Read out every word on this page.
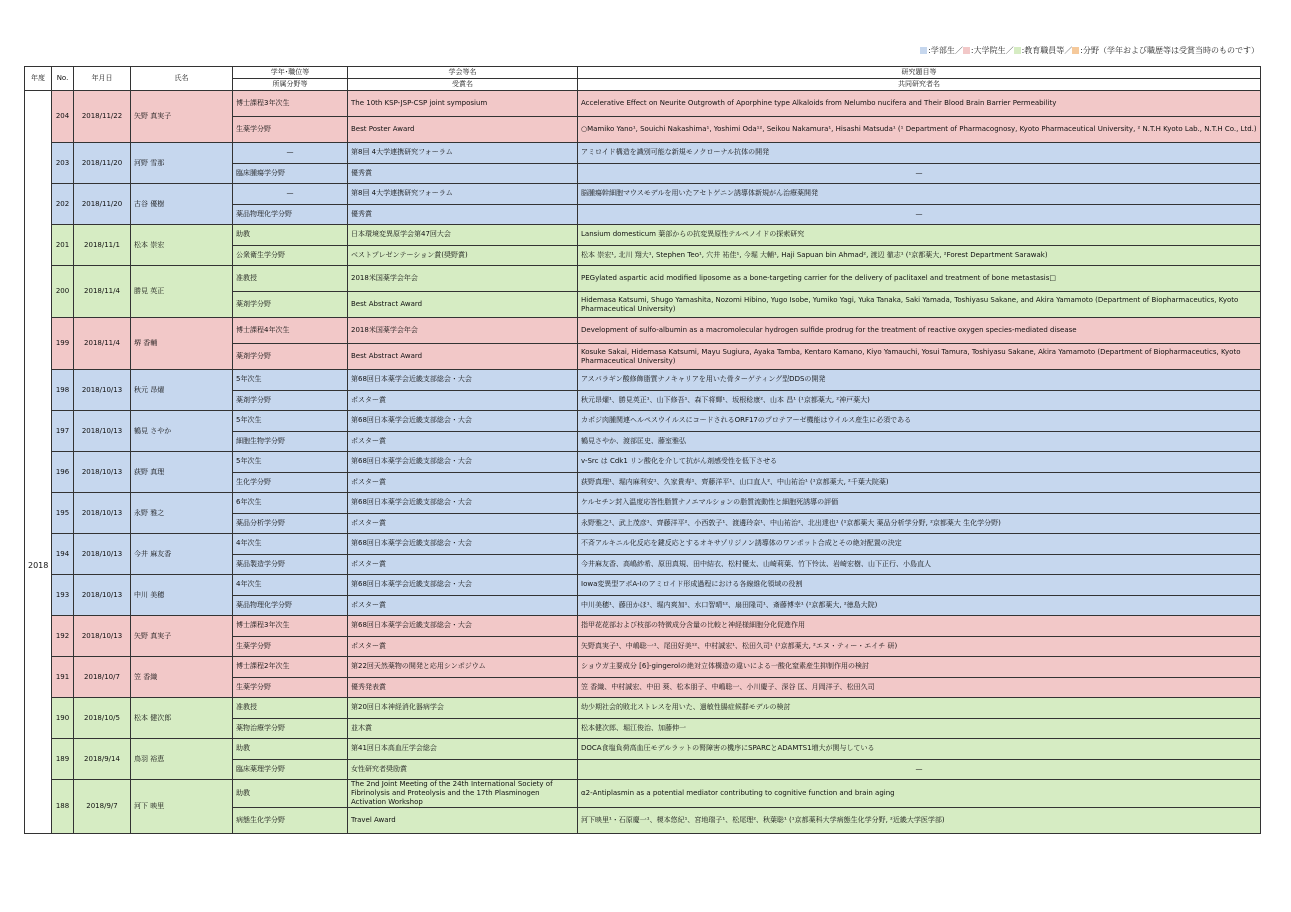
:学部生／ :大学院生／ :教育職員等／ :分野（学年および職歴等は受賞当時のものです）
年度	No.	年月日	氏名	学年･職位等	学会等名	研究題目等
				所属分野等	受賞名	共同研究者名
2018	204	2018/11/22	矢野 真実子	博士課程3年次生	The 10th KSP-JSP-CSP joint symposium	Accelerative Effect on Neurite Outgrowth of Aporphine type Alkaloids from Nelumbo nucifera and Their Blood Brain Barrier Permeability
				生薬学分野	Best Poster Award	○Mamiko Yano¹, Souichi Nakashima¹, Yoshimi Oda¹², Seikou Nakamura¹, Hisashi Matsuda¹ (¹ Department of Pharmacognosy, Kyoto Pharmaceutical University, ² N.T.H Kyoto Lab., N.T.H Co., Ltd.)
	203	2018/11/20	河野 雪那	—	第8回 4大学連携研究フォーラム	アミロイド構造を識別可能な新規モノクローナル抗体の開発
				臨床腫瘍学分野	優秀賞	—
	202	2018/11/20	古谷 優樹	—	第8回 4大学連携研究フォーラム	脳腫瘍幹細胞マウスモデルを用いたアセトゲニン誘導体新規がん治療薬開発
				薬品物理化学分野	優秀賞	—
	201	2018/11/1	松本 崇宏	助教	日本環境変異原学会第47回大会	Lansium domesticum 葉部からの抗変異原性テルペノイドの探索研究
				公衆衛生学分野	ベストプレゼンテーション賞(奨野賞)	松本 崇宏¹, 北川 翔大¹, Stephen Teo¹, 穴井 祐佳¹, 今堀 大輔¹, Haji Sapuan bin Ahmad², 渡辺 徹志¹ (¹京都薬大, ²Forest Department Sarawak)
	200	2018/11/4	勝見 英正	准教授	2018米国薬学会年会	PEGylated aspartic acid modified liposome as a bone-targeting carrier for the delivery of paclitaxel and treatment of bone metastasis□
				薬剤学分野	Best Abstract Award	Hidemasa Katsumi, Shugo Yamashita, Nozomi Hibino, Yugo Isobe, Yumiko Yagi, Yuka Tanaka, Saki Yamada, Toshiyasu Sakane, and Akira Yamamoto (Department of Biopharmaceutics, Kyoto Pharmaceutical University)
	199	2018/11/4	堺 香輔	博士課程4年次生	2018米国薬学会年会	Development of sulfo-albumin as a macromolecular hydrogen sulfide prodrug for the treatment of reactive oxygen species-mediated disease
				薬剤学分野	Best Abstract Award	Kosuke Sakai, Hidemasa Katsumi, Mayu Sugiura, Ayaka Tamba, Kentaro Kamano, Kiyo Yamauchi, Yosui Tamura, Toshiyasu Sakane, Akira Yamamoto (Department of Biopharmaceutics, Kyoto Pharmaceutical University)
	198	2018/10/13	秋元 昂燿	5年次生	第68回日本薬学会近畿支部総会・大会	アスパラギン酸修飾脂質ナノキャリアを用いた骨ターゲティング型DDSの開発
				薬剤学分野	ポスター賞	秋元昂燿¹、勝見英正¹、山下修吾¹、森下将輝¹、坂根稔康²、山本 昌¹ (¹京都薬大, ²神戸薬大)
	197	2018/10/13	鶴見 さやか	5年次生	第68回日本薬学会近畿支部総会・大会	カポジ肉腫関連ヘルペスウイルスにコードされるORF17のプロテアーゼ機能はウイルス産生に必須である
				細胞生物学分野	ポスター賞	鶴見さやか、渡部匡史、藤室雅弘
	196	2018/10/13	荻野 真理	5年次生	第68回日本薬学会近畿支部総会・大会	v-Src は Cdk1 リン酸化を介して抗がん剤感受性を低下させる
				生化学分野	ポスター賞	荻野真理¹、堀内麻利安¹、久家貴寿¹、齊藤洋平¹、山口直人²、中山祐治¹ (¹京都薬大, ²千葉大院薬)
	195	2018/10/13	永野 雅之	6年次生	第68回日本薬学会近畿支部総会・大会	ケルセチン封入温度応答性脂質ナノエマルションの脂質流動性と細胞死誘導の評価
				薬品分析学分野	ポスター賞	永野雅之¹、武上茂彦¹、齊藤洋平²、小西敦子¹、渡邊玲奈¹、中山祐治²、北出達也¹ (¹京都薬大 薬品分析学分野, ²京都薬大 生化学分野)
	194	2018/10/13	今井 麻友香	4年次生	第68回日本薬学会近畿支部総会・大会	不斉アルキニル化反応を鍵反応とするオキサゾリジノン誘導体のワンポット合成とその絶対配置の決定
				薬品製造学分野	ポスター賞	今井麻友香、高嶋紗希、原田真規、田中結衣、松村優太、山崎莉葉、竹下怜汰、岩崎宏樹、山下正行、小島直人
	193	2018/10/13	中川 美穂	4年次生	第68回日本薬学会近畿支部総会・大会	Iowa変異型アポA-Iのアミロイド形成過程における各線維化領域の役割
				薬品物理化学分野	ポスター賞	中川美穂¹、藤田かほ¹、堀内爽加¹、水口智晴¹²、扇田隆司¹、斎藤博幸¹ (¹京都薬大, ²徳島大院)
	192	2018/10/13	矢野 真実子	博士課程3年次生	第68回日本薬学会近畿支部総会・大会	指甲花花部および枝部の特徴成分含量の比較と神経様細胞分化促進作用
				生薬学分野	ポスター賞	矢野真実子¹、中嶋聡一¹、尾田好美¹²、中村誠宏¹、松田久司¹ (¹京都薬大, ²エヌ・ティー・エイチ 研)
	191	2018/10/7	笠 香織	博士課程2年次生	第22回天然薬物の開発と応用シンポジウム	ショウガ主要成分 [6]-gingerolの絶対立体構造の違いによる一酸化窒素産生抑制作用の検討
				生薬学分野	優秀発表賞	笠 香織、中村誠宏、中田 葵、松本朋子、中嶋聡一、小川慶子、深谷 匡、月岡洋子、松田久司
	190	2018/10/5	松本 健次郎	准教授	第20回日本神経消化器病学会	幼少期社会的敗北ストレスを用いた、過敏性腸症候群モデルの検討
				薬物治療学分野	並木賞	松本健次郎、堀江俊治、加藤伸一
	189	2018/9/14	鳥羽 裕恵	助教	第41回日本高血圧学会総会	DOCA食塩負荷高血圧モデルラットの腎障害の機序にSPARCとADAMTS1増大が関与している
				臨床薬理学分野	女性研究者奨励賞	—
	188	2018/9/7	河下 映里	助教	The 2nd Joint Meeting of the 24th International Society of Fibrinolysis and Proteolysis and the 17th Plasminogen Activation Workshop	α2-Antiplasmin as a potential mediator contributing to cognitive function and brain aging
				病態生化学分野	Travel Award	河下映里¹・石原慶一¹、榎本悠紀¹、宮地瑞子¹、松尾理²、秋葉聡¹ (¹京都薬科大学病態生化学分野, ²近畿大学医学部)
